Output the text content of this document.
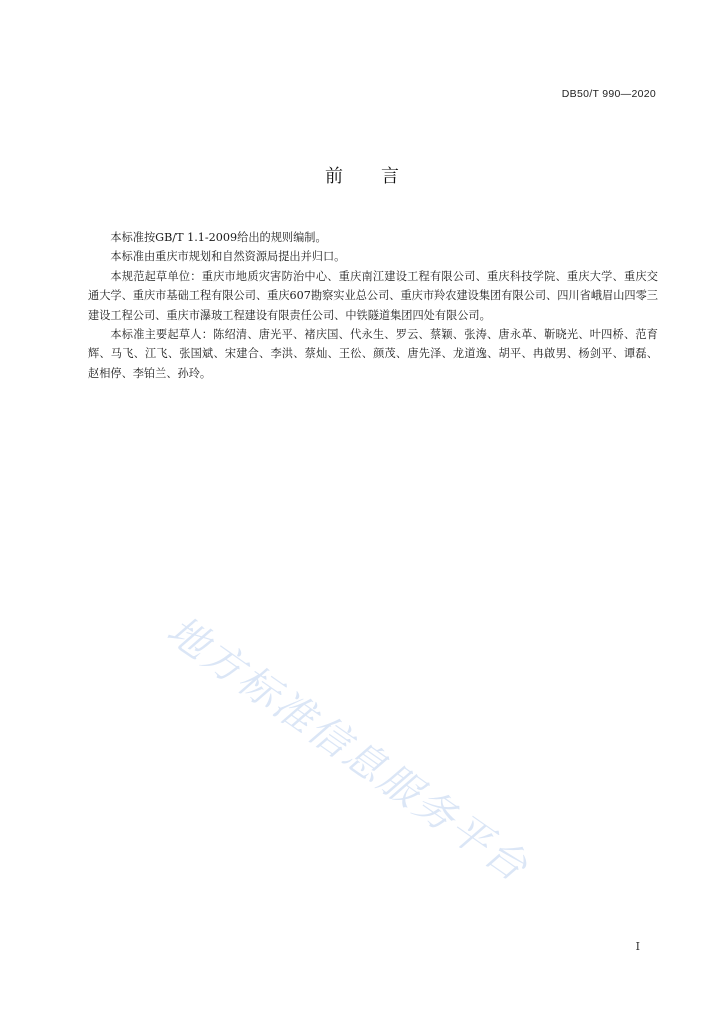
DB50/T 990—2020
前 言

本标准按GB/T 1.1-2009给出的规则编制。

本标准由重庆市规划和自然资源局提出并归口。

本规范起草单位：重庆市地质灾害防治中心、重庆南江建设工程有限公司、重庆科技学院、重庆大学、重庆交通大学、重庆市基础工程有限公司、重庆607勘察实业总公司、重庆市羚农建设集团有限公司、四川省峨眉山四零三建设工程公司、重庆市瀑玻工程建设有限责任公司、中铁隧道集团四处有限公司。

本标准主要起草人：陈绍清、唐光平、褚庆国、代永生、罗云、蔡颖、张涛、唐永革、靳晓光、叶四桥、范育辉、马飞、江飞、张国斌、宋建合、李洪、蔡灿、王彸、颜茂、唐先泽、龙道逸、胡平、冉啟男、杨剑平、谭磊、赵相停、李铂兰、孙玲。

地方标准信息服务平台
I
